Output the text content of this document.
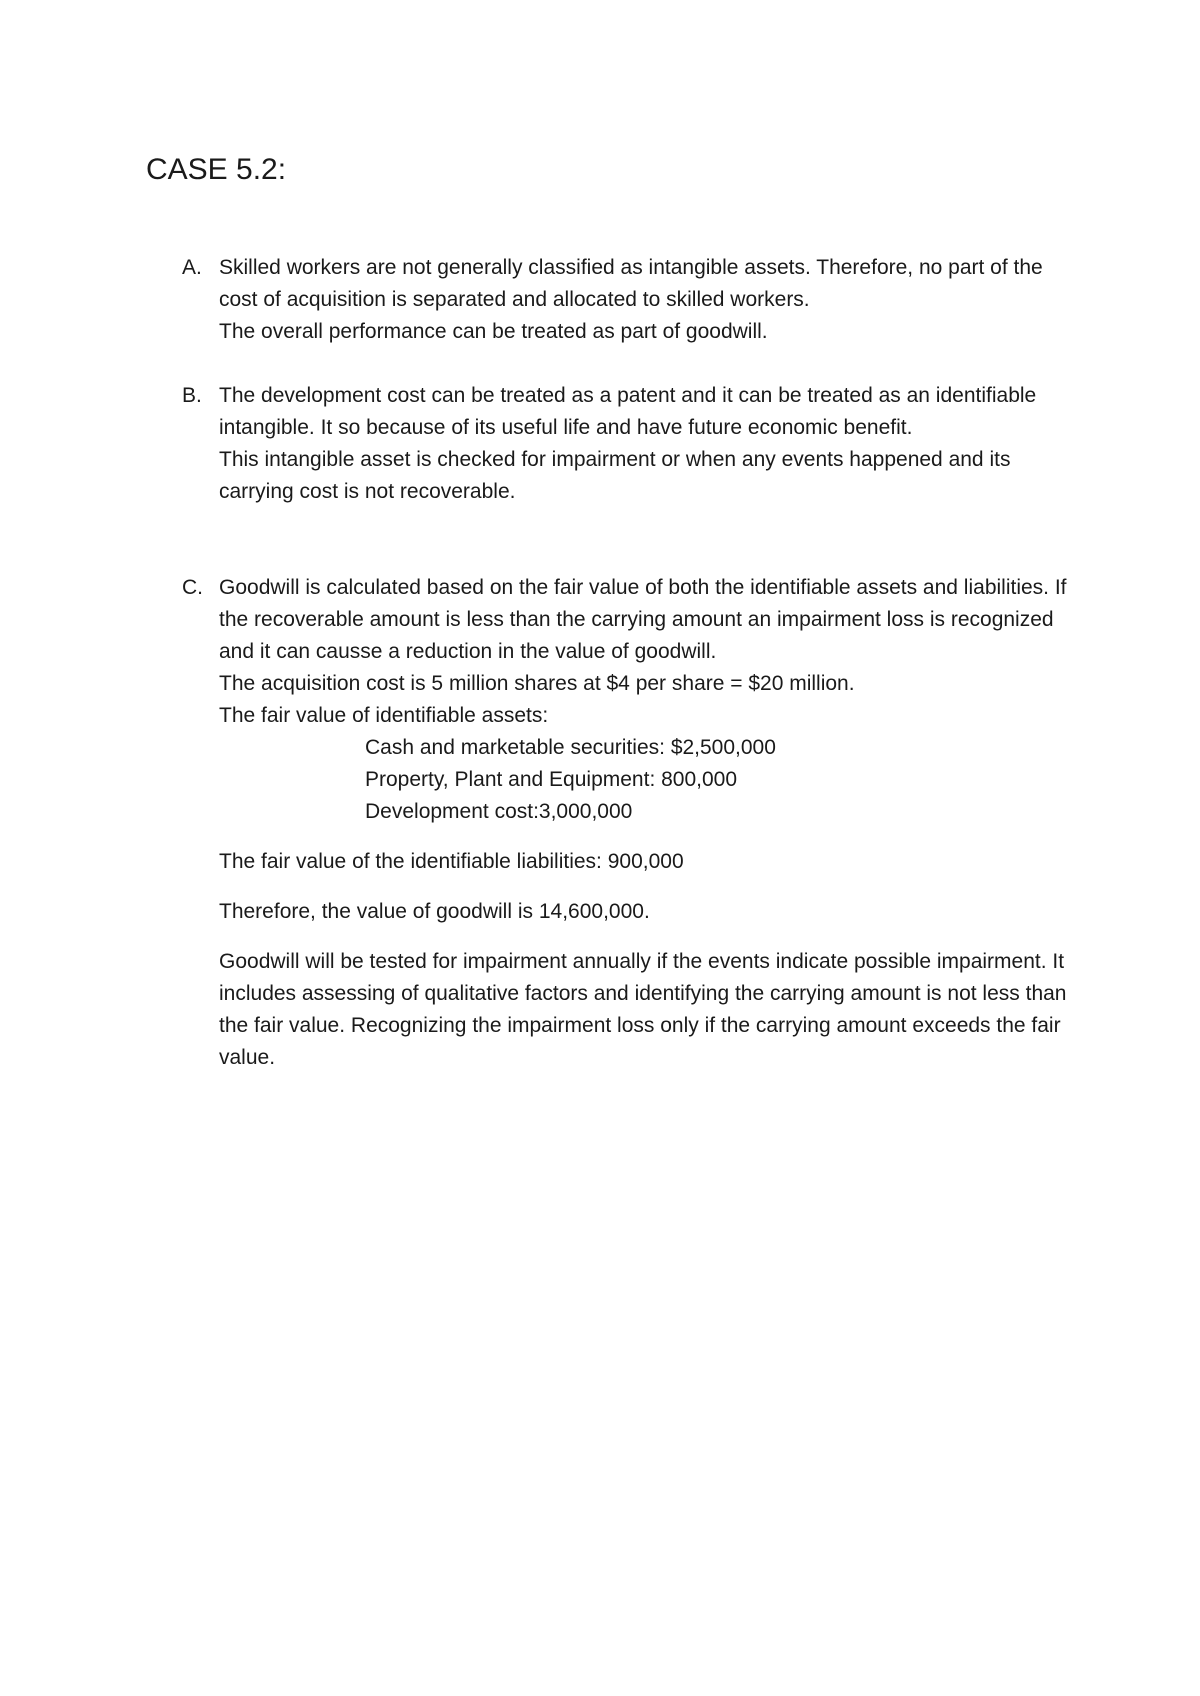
CASE 5.2:
A. Skilled workers are not generally classified as intangible assets. Therefore, no part of the cost of acquisition is separated and allocated to skilled workers.

The overall performance can be treated as part of goodwill.

B. The development cost can be treated as a patent and it can be treated as an identifiable intangible. It so because of its useful life and have future economic benefit.

This intangible asset is checked for impairment or when any events happened and its carrying cost is not recoverable.

C. Goodwill is calculated based on the fair value of both the identifiable assets and liabilities. If the recoverable amount is less than the carrying amount an impairment loss is recognized and it can causse a reduction in the value of goodwill.

The acquisition cost is 5 million shares at $4 per share = $20 million.

The fair value of identifiable assets:

Cash and marketable securities: $2,500,000

Property, Plant and Equipment: 800,000

Development cost:3,000,000

The fair value of the identifiable liabilities: 900,000

Therefore, the value of goodwill is 14,600,000.

Goodwill will be tested for impairment annually if the events indicate possible impairment. It includes assessing of qualitative factors and identifying the carrying amount is not less than the fair value. Recognizing the impairment loss only if the carrying amount exceeds the fair value.
